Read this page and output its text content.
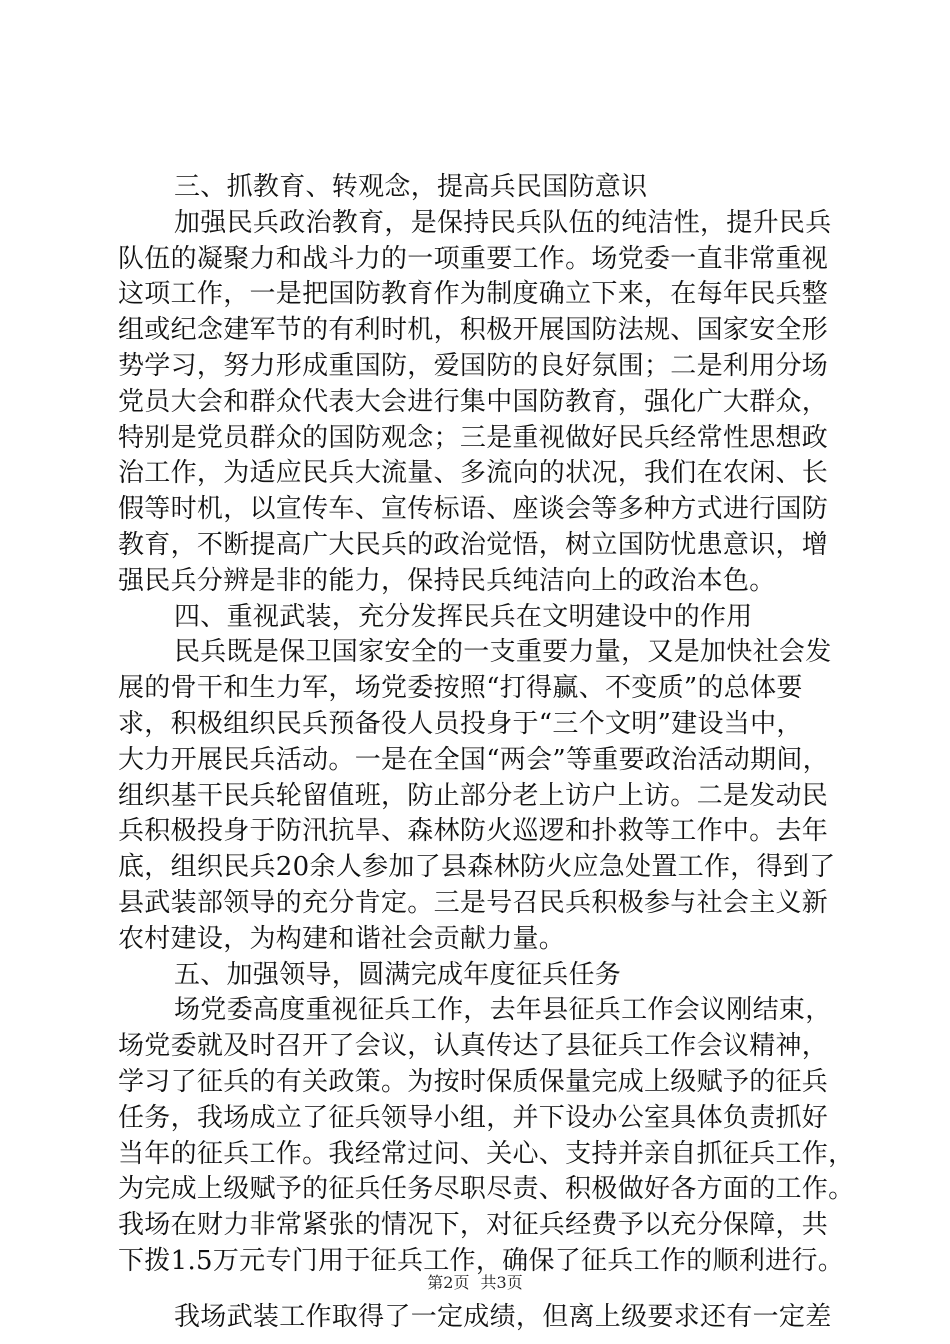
三、抓教育、转观念，提高兵民国防意识
加强民兵政治教育，是保持民兵队伍的纯洁性，提升民兵
队伍的凝聚力和战斗力的一项重要工作。场党委一直非常重视
这项工作，一是把国防教育作为制度确立下来，在每年民兵整
组或纪念建军节的有利时机，积极开展国防法规、国家安全形
势学习，努力形成重国防，爱国防的良好氛围；二是利用分场
党员大会和群众代表大会进行集中国防教育，强化广大群众，
特别是党员群众的国防观念；三是重视做好民兵经常性思想政
治工作，为适应民兵大流量、多流向的状况，我们在农闲、长
假等时机，以宣传车、宣传标语、座谈会等多种方式进行国防
教育，不断提高广大民兵的政治觉悟，树立国防忧患意识，增
强民兵分辨是非的能力，保持民兵纯洁向上的政治本色。
四、重视武装，充分发挥民兵在文明建设中的作用
民兵既是保卫国家安全的一支重要力量，又是加快社会发
展的骨干和生力军，场党委按照“打得赢、不变质”的总体要
求，积极组织民兵预备役人员投身于“三个文明”建设当中，
大力开展民兵活动。一是在全国“两会”等重要政治活动期间，
组织基干民兵轮留值班，防止部分老上访户上访。二是发动民
兵积极投身于防汛抗旱、森林防火巡逻和扑救等工作中。去年
底，组织民兵20余人参加了县森林防火应急处置工作，得到了
县武装部领导的充分肯定。三是号召民兵积极参与社会主义新
农村建设，为构建和谐社会贡献力量。
五、加强领导，圆满完成年度征兵任务
场党委高度重视征兵工作，去年县征兵工作会议刚结束，
场党委就及时召开了会议，认真传达了县征兵工作会议精神，
学习了征兵的有关政策。为按时保质保量完成上级赋予的征兵
任务，我场成立了征兵领导小组，并下设办公室具体负责抓好
当年的征兵工作。我经常过问、关心、支持并亲自抓征兵工作，
为完成上级赋予的征兵任务尽职尽责、积极做好各方面的工作。
我场在财力非常紧张的情况下，对征兵经费予以充分保障，共
下拨1.5万元专门用于征兵工作，确保了征兵工作的顺利进行。
我场武装工作取得了一定成绩，但离上级要求还有一定差
第2页 共3页
